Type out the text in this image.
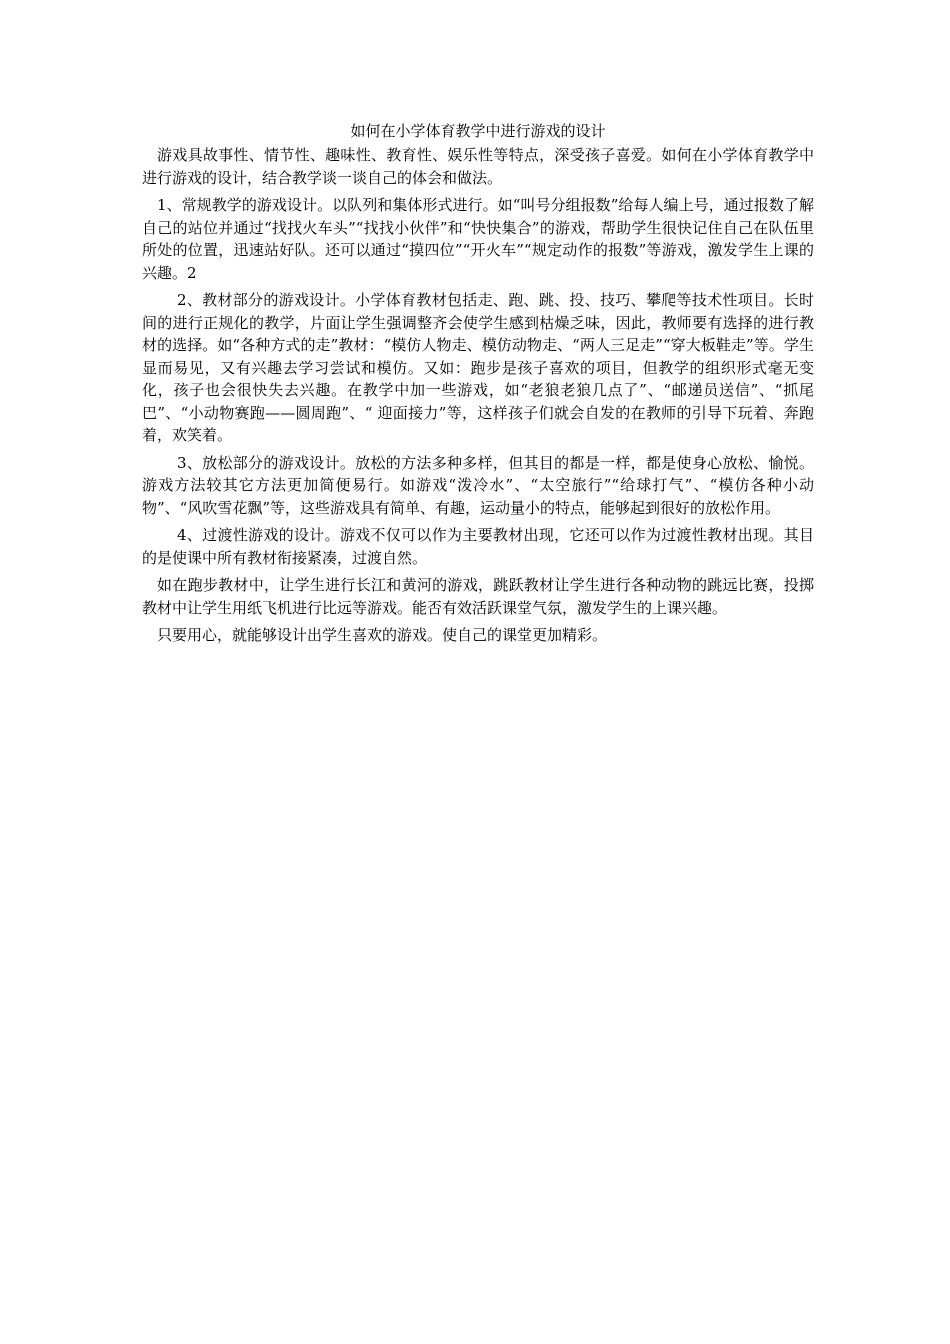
如何在小学体育教学中进行游戏的设计

游戏具故事性、情节性、趣味性、教育性、娱乐性等特点，深受孩子喜爱。如何在小学体育教学中进行游戏的设计，结合教学谈一谈自己的体会和做法。

1、常规教学的游戏设计。以队列和集体形式进行。如“叫号分组报数”给每人编上号，通过报数了解自己的站位并通过“找找火车头”“找找小伙伴”和“快快集合”的游戏，帮助学生很快记住自己在队伍里所处的位置，迅速站好队。还可以通过“摸四位”“开火车”“规定动作的报数”等游戏，激发学生上课的兴趣。2

2、教材部分的游戏设计。小学体育教材包括走、跑、跳、投、技巧、攀爬等技术性项目。长时间的进行正规化的教学，片面让学生强调整齐会使学生感到枯燥乏味，因此，教师要有选择的进行教材的选择。如“各种方式的走”教材：“模仿人物走、模仿动物走、“两人三足走”“穿大板鞋走”等。学生显而易见，又有兴趣去学习尝试和模仿。又如：跑步是孩子喜欢的项目，但教学的组织形式毫无变化，孩子也会很快失去兴趣。在教学中加一些游戏，如“老狼老狼几点了”、“邮递员送信”、“抓尾巴”、“小动物赛跑——圆周跑”、“ 迎面接力”等，这样孩子们就会自发的在教师的引导下玩着、奔跑着，欢笑着。

3、放松部分的游戏设计。放松的方法多种多样，但其目的都是一样，都是使身心放松、愉悦。游戏方法较其它方法更加简便易行。如游戏“泼冷水”、“太空旅行”“给球打气”、“模仿各种小动物”、“风吹雪花飘”等，这些游戏具有简单、有趣，运动量小的特点，能够起到很好的放松作用。

4、过渡性游戏的设计。游戏不仅可以作为主要教材出现，它还可以作为过渡性教材出现。其目的是使课中所有教材衔接紧凑，过渡自然。

如在跑步教材中，让学生进行长江和黄河的游戏，跳跃教材让学生进行各种动物的跳远比赛，投掷教材中让学生用纸飞机进行比远等游戏。能否有效活跃课堂气氛，激发学生的上课兴趣。

只要用心，就能够设计出学生喜欢的游戏。使自己的课堂更加精彩。
